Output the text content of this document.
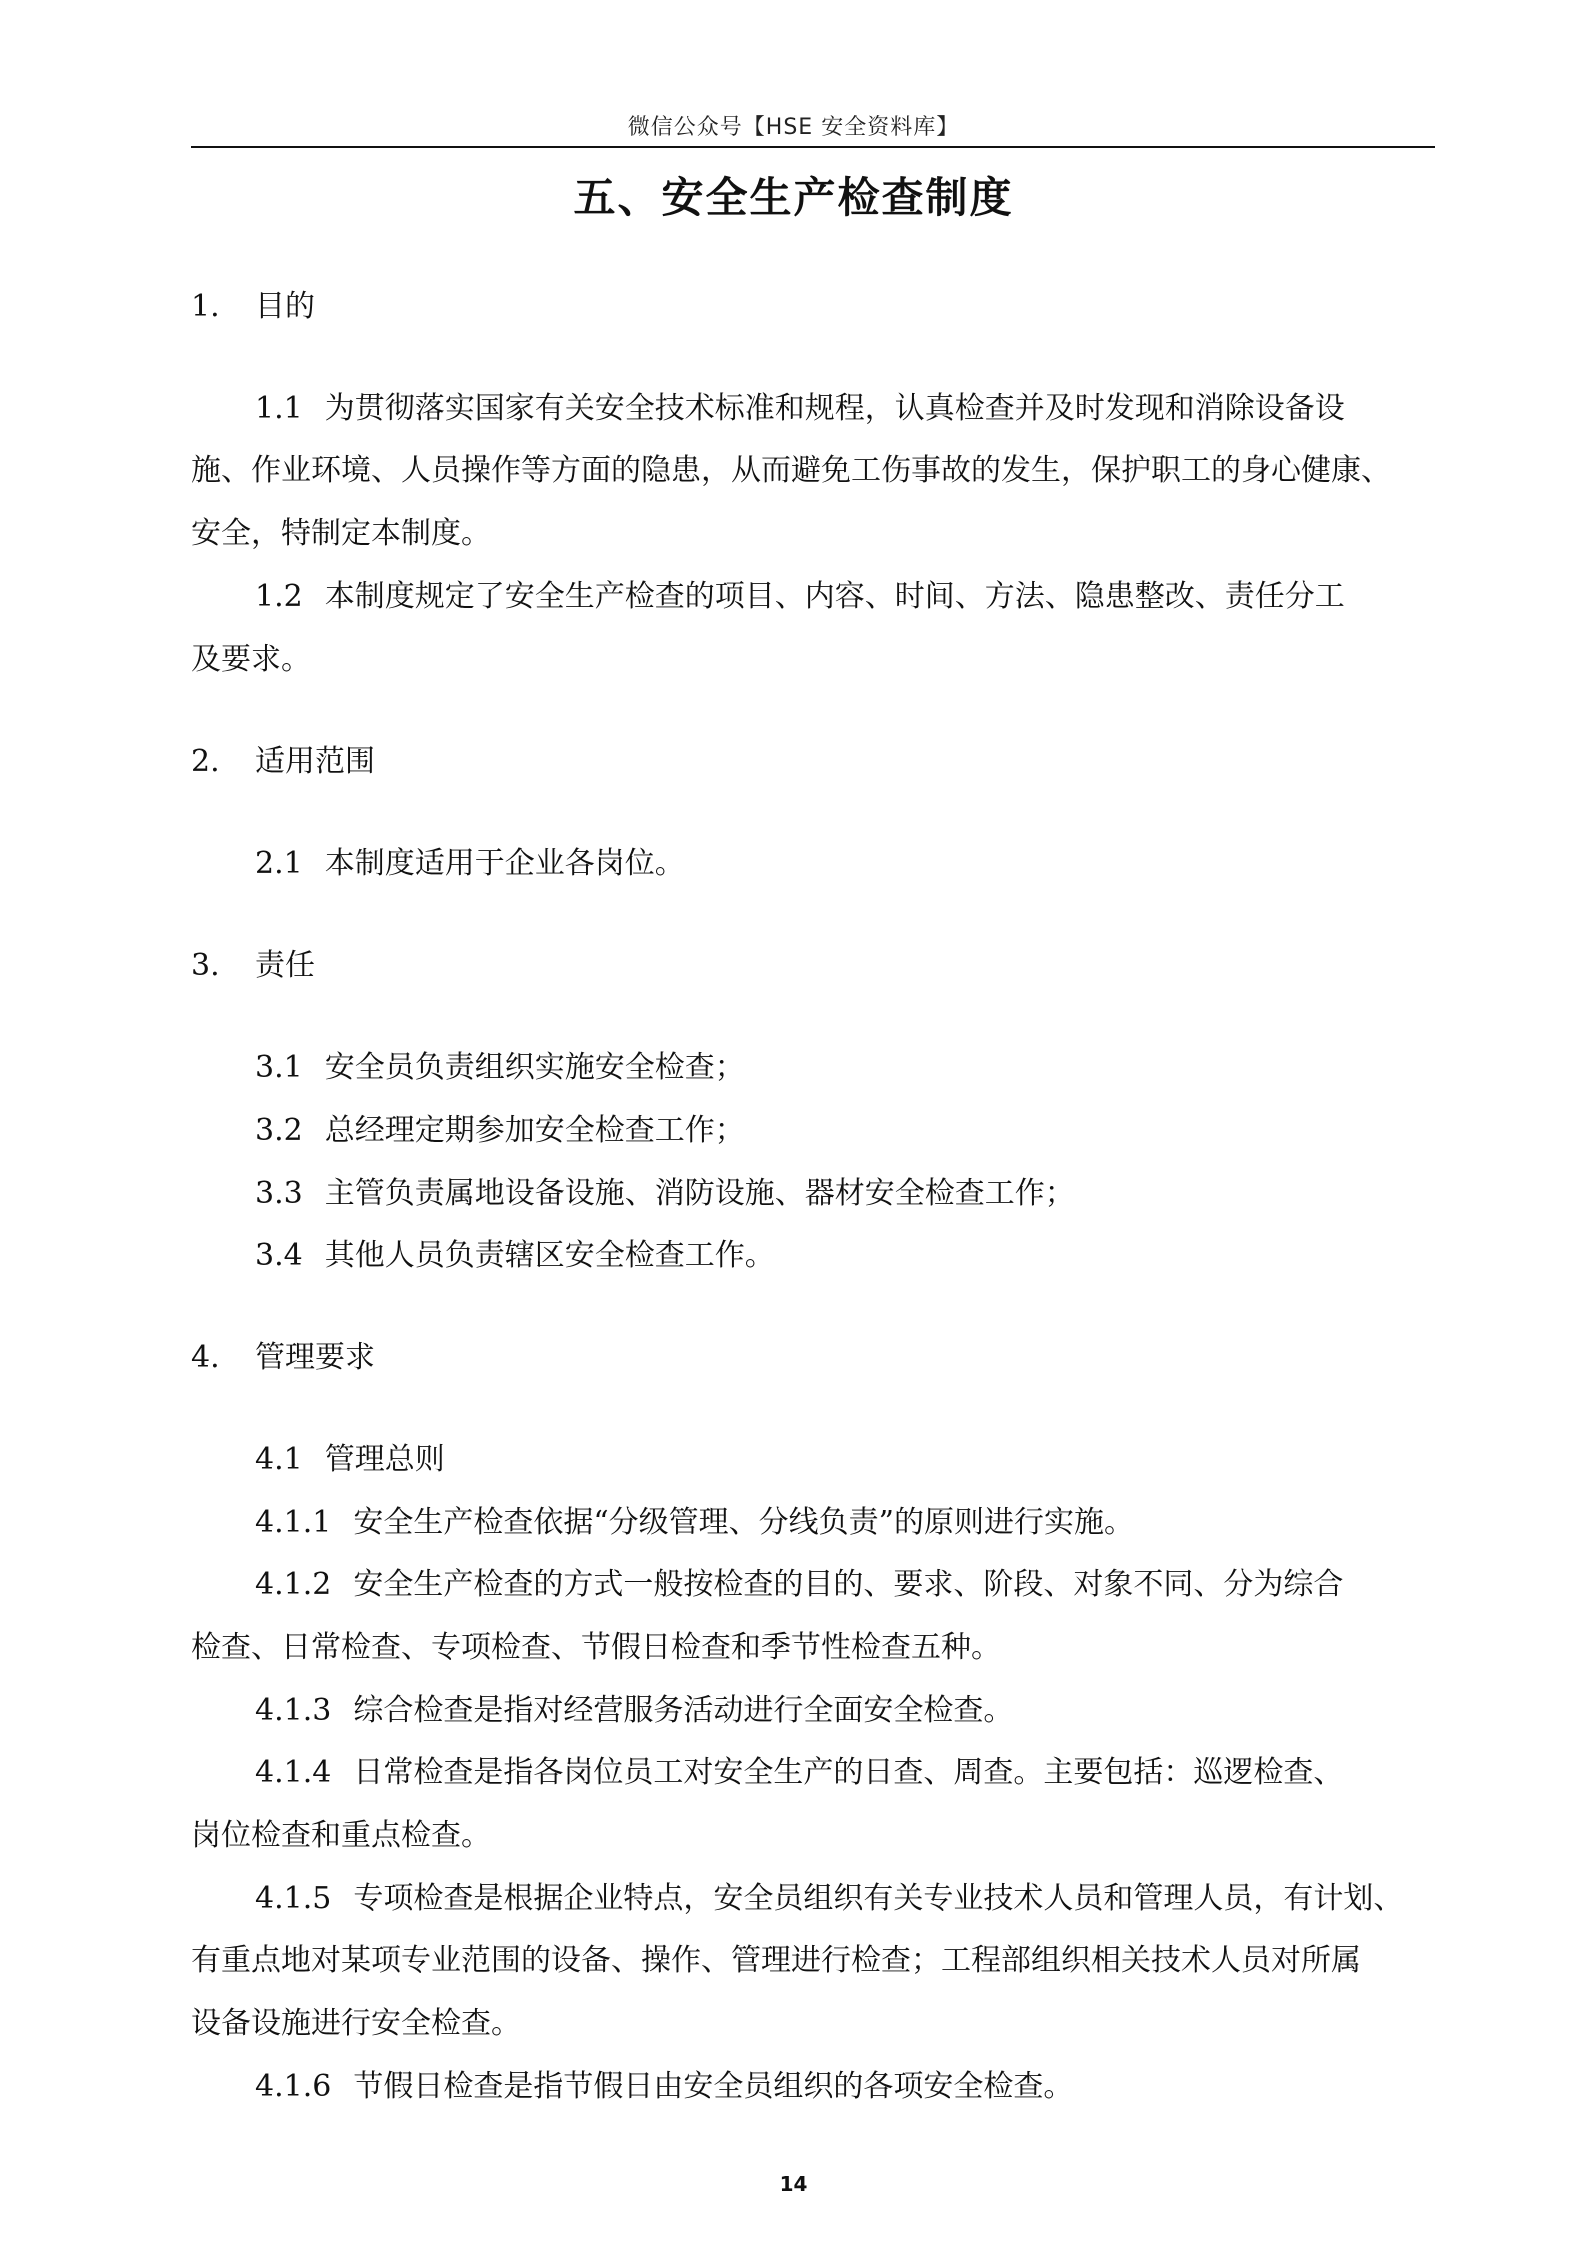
微信公众号【HSE 安全资料库】
五、安全生产检查制度
1. 目的
1.1 为贯彻落实国家有关安全技术标准和规程，认真检查并及时发现和消除设备设
施、作业环境、人员操作等方面的隐患，从而避免工伤事故的发生，保护职工的身心健康、
安全，特制定本制度。
1.2 本制度规定了安全生产检查的项目、内容、时间、方法、隐患整改、责任分工
及要求。
2. 适用范围
2.1 本制度适用于企业各岗位。
3. 责任
3.1 安全员负责组织实施安全检查；
3.2 总经理定期参加安全检查工作；
3.3 主管负责属地设备设施、消防设施、器材安全检查工作；
3.4 其他人员负责辖区安全检查工作。
4. 管理要求
4.1 管理总则
4.1.1 安全生产检查依据“分级管理、分线负责”的原则进行实施。
4.1.2 安全生产检查的方式一般按检查的目的、要求、阶段、对象不同、分为综合
检查、日常检查、专项检查、节假日检查和季节性检查五种。
4.1.3 综合检查是指对经营服务活动进行全面安全检查。
4.1.4 日常检查是指各岗位员工对安全生产的日查、周查。主要包括：巡逻检查、
岗位检查和重点检查。
4.1.5 专项检查是根据企业特点，安全员组织有关专业技术人员和管理人员，有计划、
有重点地对某项专业范围的设备、操作、管理进行检查；工程部组织相关技术人员对所属
设备设施进行安全检查。
4.1.6 节假日检查是指节假日由安全员组织的各项安全检查。
14
